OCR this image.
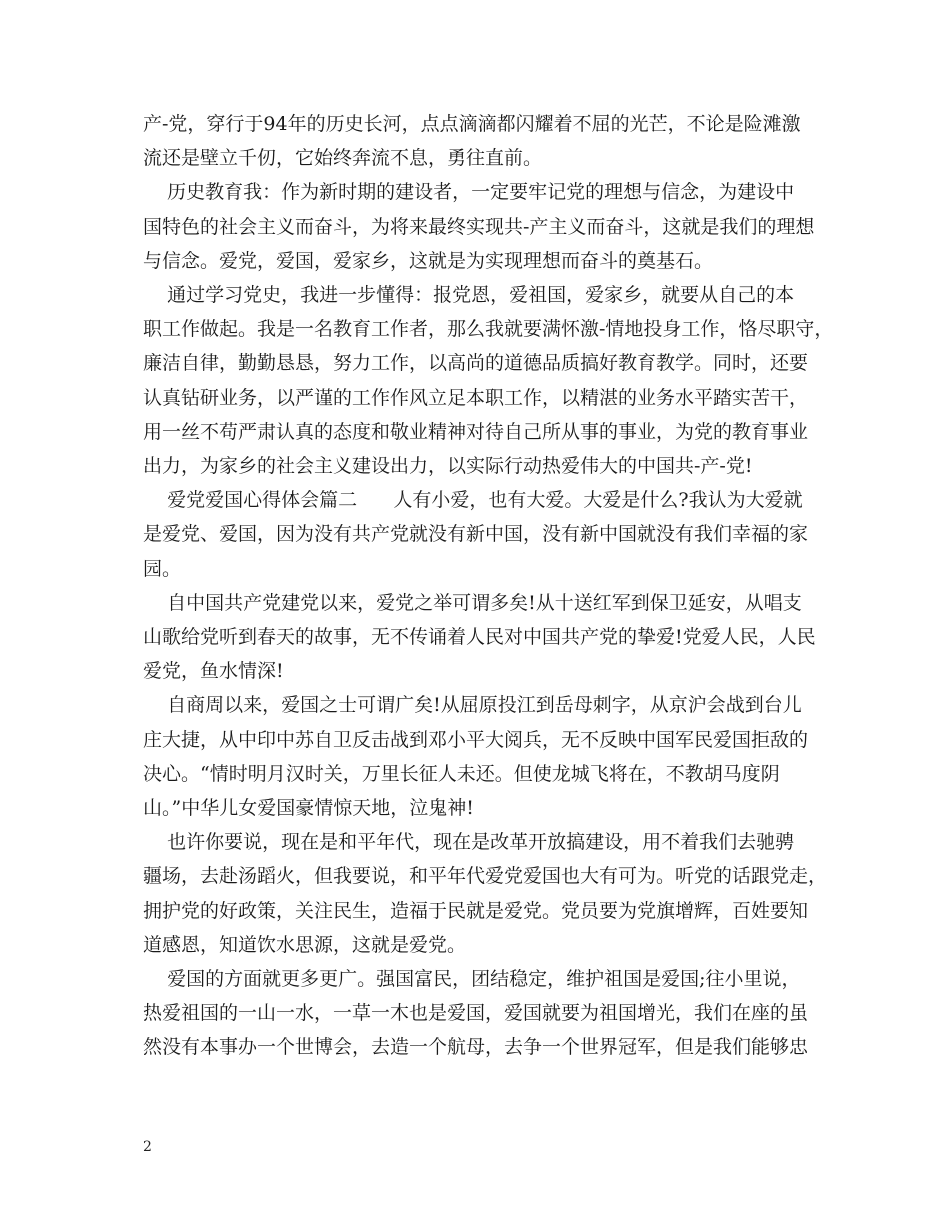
产-党，穿行于94年的历史长河，点点滴滴都闪耀着不屈的光芒，不论是险滩激
流还是壁立千仞，它始终奔流不息，勇往直前。
历史教育我：作为新时期的建设者，一定要牢记党的理想与信念，为建设中
国特色的社会主义而奋斗，为将来最终实现共-产主义而奋斗，这就是我们的理想
与信念。爱党，爱国，爱家乡，这就是为实现理想而奋斗的奠基石。
通过学习党史，我进一步懂得：报党恩，爱祖国，爱家乡，就要从自己的本
职工作做起。我是一名教育工作者，那么我就要满怀激-情地投身工作，恪尽职守，
廉洁自律，勤勤恳恳，努力工作，以高尚的道德品质搞好教育教学。同时，还要
认真钻研业务，以严谨的工作作风立足本职工作，以精湛的业务水平踏实苦干，
用一丝不苟严肃认真的态度和敬业精神对待自己所从事的事业，为党的教育事业
出力，为家乡的社会主义建设出力，以实际行动热爱伟大的中国共-产-党!
爱党爱国心得体会篇二      人有小爱，也有大爱。大爱是什么?我认为大爱就
是爱党、爱国，因为没有共产党就没有新中国，没有新中国就没有我们幸福的家
园。
自中国共产党建党以来，爱党之举可谓多矣!从十送红军到保卫延安，从唱支
山歌给党听到春天的故事，无不传诵着人民对中国共产党的挚爱!党爱人民，人民
爱党，鱼水情深!
自商周以来，爱国之士可谓广矣!从屈原投江到岳母刺字，从京沪会战到台儿
庄大捷，从中印中苏自卫反击战到邓小平大阅兵，无不反映中国军民爱国拒敌的
决心。“情时明月汉时关，万里长征人未还。但使龙城飞将在，不教胡马度阴
山。”中华儿女爱国豪情惊天地，泣鬼神!
也许你要说，现在是和平年代，现在是改革开放搞建设，用不着我们去驰骋
疆场，去赴汤蹈火，但我要说，和平年代爱党爱国也大有可为。听党的话跟党走，
拥护党的好政策，关注民生，造福于民就是爱党。党员要为党旗增辉，百姓要知
道感恩，知道饮水思源，这就是爱党。
爱国的方面就更多更广。强国富民，团结稳定，维护祖国是爱国;往小里说，
热爱祖国的一山一水，一草一木也是爱国，爱国就要为祖国增光，我们在座的虽
然没有本事办一个世博会，去造一个航母，去争一个世界冠军，但是我们能够忠
2
